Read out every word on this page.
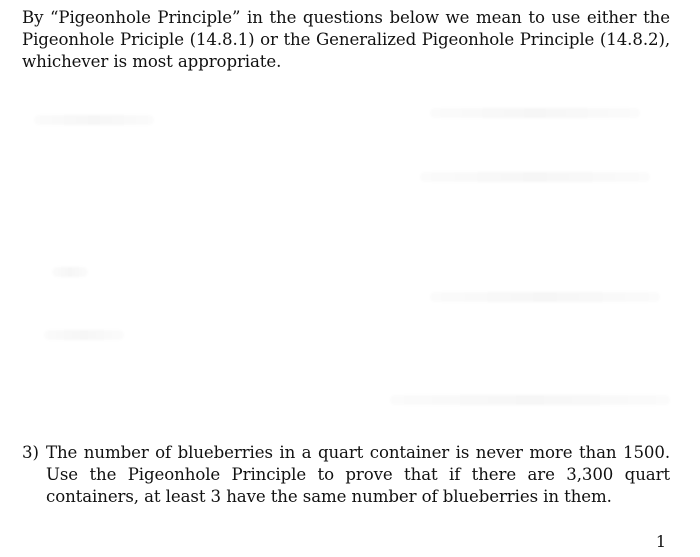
By “Pigeonhole Principle” in the questions below we mean to use either the Pigeonhole Priciple (14.8.1) or the Generalized Pigeonhole Principle (14.8.2), whichever is most appropriate.

3) The number of blueberries in a quart container is never more than 1500. Use the Pigeonhole Principle to prove that if there are 3,300 quart containers, at least 3 have the same number of blueberries in them.
1
